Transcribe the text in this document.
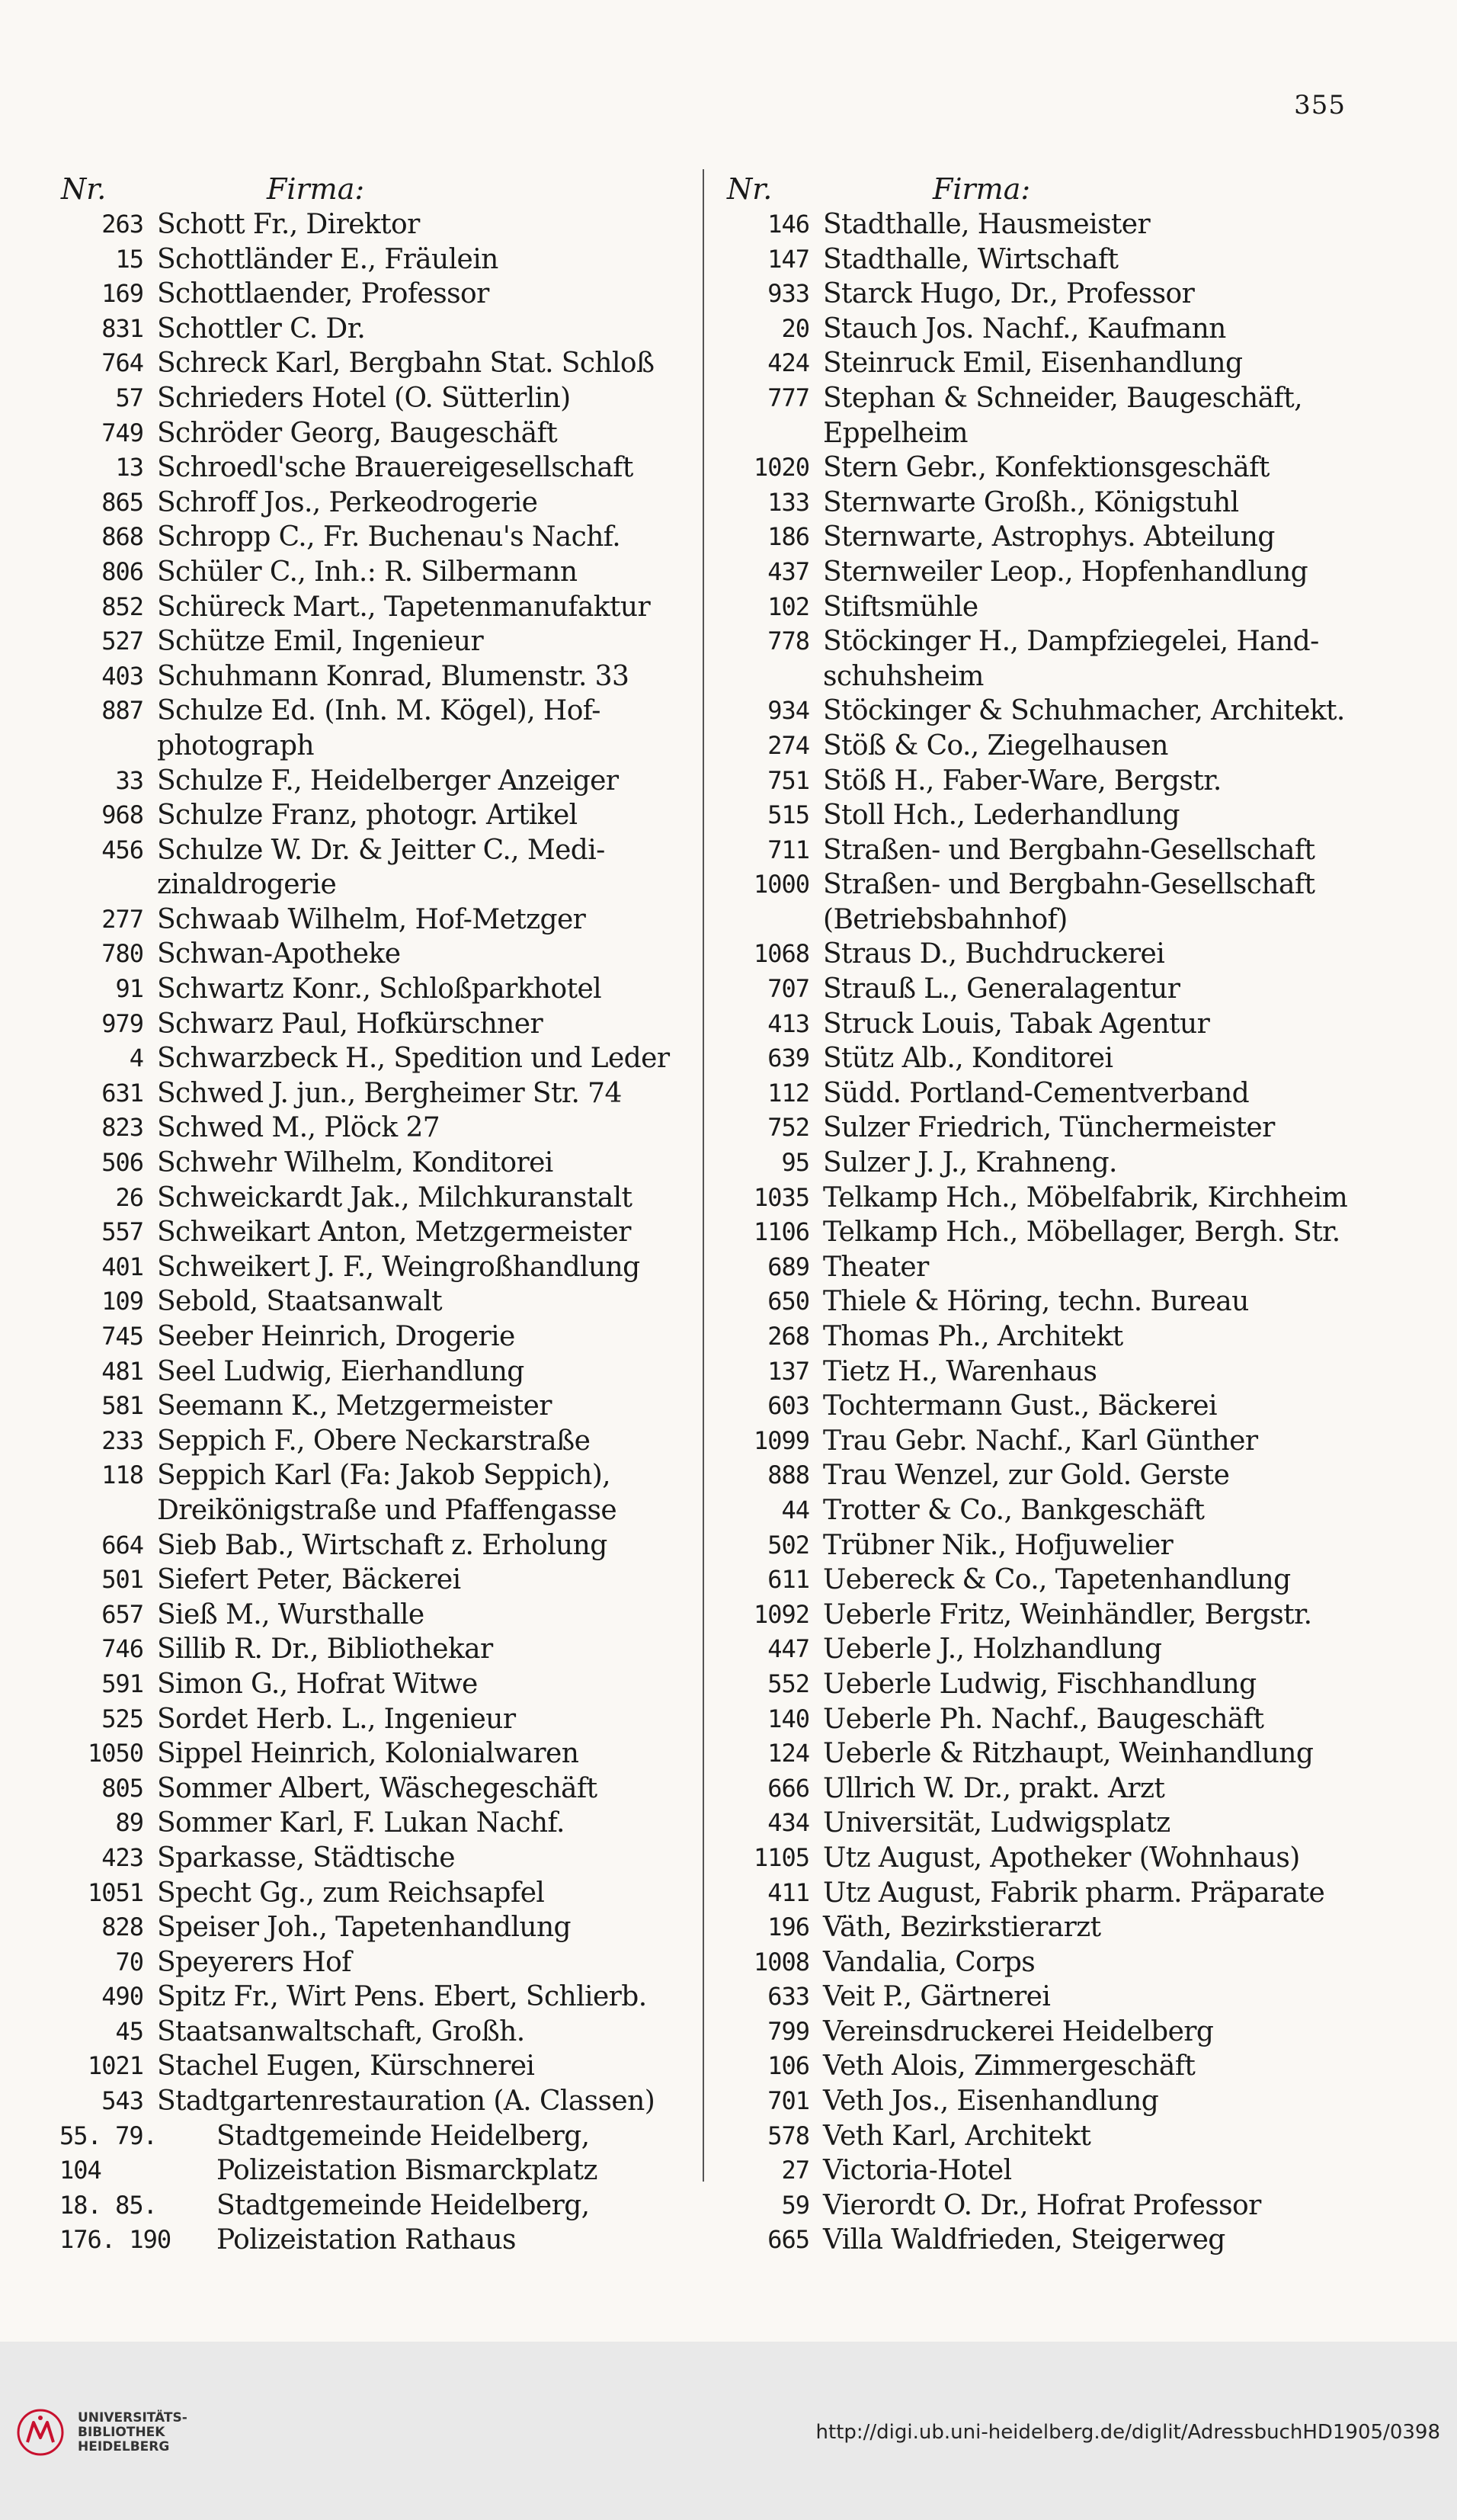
355
Nr.	Firma:
263 Schott Fr., Direktor
15 Schottländer E., Fräulein
169 Schottlaender, Professor
831 Schottler C. Dr.
764 Schreck Karl, Bergbahn Stat. Schloß
57 Schrieders Hotel (O. Sütterlin)
749 Schröder Georg, Baugeschäft
13 Schroedl'sche Brauereigesellschaft
865 Schroff Jos., Perkeodrogerie
868 Schropp C., Fr. Buchenau's Nachf.
806 Schüler C., Inh.: R. Silbermann
852 Schüreck Mart., Tapetenmanufaktur
527 Schütze Emil, Ingenieur
403 Schuhmann Konrad, Blumenstr. 33
887 Schulze Ed. (Inh. M. Kögel), Hof-photograph
33 Schulze F., Heidelberger Anzeiger
968 Schulze Franz, photogr. Artikel
456 Schulze W. Dr. & Jeitter C., Medi-zinaldrogerie
277 Schwaab Wilhelm, Hof-Metzger
780 Schwan-Apotheke
91 Schwartz Konr., Schloßparkhotel
979 Schwarz Paul, Hofkürschner
4 Schwarzbeck H., Spedition und Leder
631 Schwed J. jun., Bergheimer Str. 74
823 Schwed M., Plöck 27
506 Schwehr Wilhelm, Konditorei
26 Schweickardt Jak., Milchkuranstalt
557 Schweikart Anton, Metzgermeister
401 Schweikert J. F., Weingroßhandlung
109 Sebold, Staatsanwalt
745 Seeber Heinrich, Drogerie
481 Seel Ludwig, Eierhandlung
581 Seemann K., Metzgermeister
233 Seppich F., Obere Neckarstraße
118 Seppich Karl (Fa: Jakob Seppich), Dreikönigstraße und Pfaffengasse
664 Sieb Bab., Wirtschaft z. Erholung
501 Siefert Peter, Bäckerei
657 Sieß M., Wursthalle
746 Sillib R. Dr., Bibliothekar
591 Simon G., Hofrat Witwe
525 Sordet Herb. L., Ingenieur
1050 Sippel Heinrich, Kolonialwaren
805 Sommer Albert, Wäschegeschäft
89 Sommer Karl, F. Lukan Nachf.
423 Sparkasse, Städtische
1051 Specht Gg., zum Reichsapfel
828 Speiser Joh., Tapetenhandlung
70 Speyerers Hof
490 Spitz Fr., Wirt Pens. Ebert, Schlierb.
45 Staatsanwaltschaft, Großh.
1021 Stachel Eugen, Kürschnerei
543 Stadtgartenrestauration (A. Classen)
55. 79. 104
Stadtgemeinde Heidelberg, Polizeistation Bismarckplatz
18. 85. 176. 190
Stadtgemeinde Heidelberg, Polizeistation Rathaus
Nr.	Firma:
146 Stadthalle, Hausmeister
147 Stadthalle, Wirtschaft
933 Starck Hugo, Dr., Professor
20 Stauch Jos. Nachf., Kaufmann
424 Steinruck Emil, Eisenhandlung
777 Stephan & Schneider, Baugeschäft, Eppelheim
1020 Stern Gebr., Konfektionsgeschäft
133 Sternwarte Großh., Königstuhl
186 Sternwarte, Astrophys. Abteilung
437 Sternweiler Leop., Hopfenhandlung
102 Stiftsmühle
778 Stöckinger H., Dampfziegelei, Hand-schuhsheim
934 Stöckinger & Schuhmacher, Architekt.
274 Stöß & Co., Ziegelhausen
751 Stöß H., Faber-Ware, Bergstr.
515 Stoll Hch., Lederhandlung
711 Straßen- und Bergbahn-Gesellschaft
1000 Straßen- und Bergbahn-Gesellschaft (Betriebsbahnhof)
1068 Straus D., Buchdruckerei
707 Strauß L., Generalagentur
413 Struck Louis, Tabak Agentur
639 Stütz Alb., Konditorei
112 Südd. Portland-Cementverband
752 Sulzer Friedrich, Tünchermeister
95 Sulzer J. J., Krahneng.
1035 Telkamp Hch., Möbelfabrik, Kirchheim
1106 Telkamp Hch., Möbellager, Bergh. Str.
689 Theater
650 Thiele & Höring, techn. Bureau
268 Thomas Ph., Architekt
137 Tietz H., Warenhaus
603 Tochtermann Gust., Bäckerei
1099 Trau Gebr. Nachf., Karl Günther
888 Trau Wenzel, zur Gold. Gerste
44 Trotter & Co., Bankgeschäft
502 Trübner Nik., Hofjuwelier
611 Uebereck & Co., Tapetenhandlung
1092 Ueberle Fritz, Weinhändler, Bergstr.
447 Ueberle J., Holzhandlung
552 Ueberle Ludwig, Fischhandlung
140 Ueberle Ph. Nachf., Baugeschäft
124 Ueberle & Ritzhaupt, Weinhandlung
666 Ullrich W. Dr., prakt. Arzt
434 Universität, Ludwigsplatz
1105 Utz August, Apotheker (Wohnhaus)
411 Utz August, Fabrik pharm. Präparate
196 Väth, Bezirkstierarzt
1008 Vandalia, Corps
633 Veit P., Gärtnerei
799 Vereinsdruckerei Heidelberg
106 Veth Alois, Zimmergeschäft
701 Veth Jos., Eisenhandlung
578 Veth Karl, Architekt
27 Victoria-Hotel
59 Vierordt O. Dr., Hofrat Professor
665 Villa Waldfrieden, Steigerweg
UNIVERSITÄTS-
BIBLIOTHEK
HEIDELBERG
http://digi.ub.uni-heidelberg.de/diglit/AdressbuchHD1905/0398
